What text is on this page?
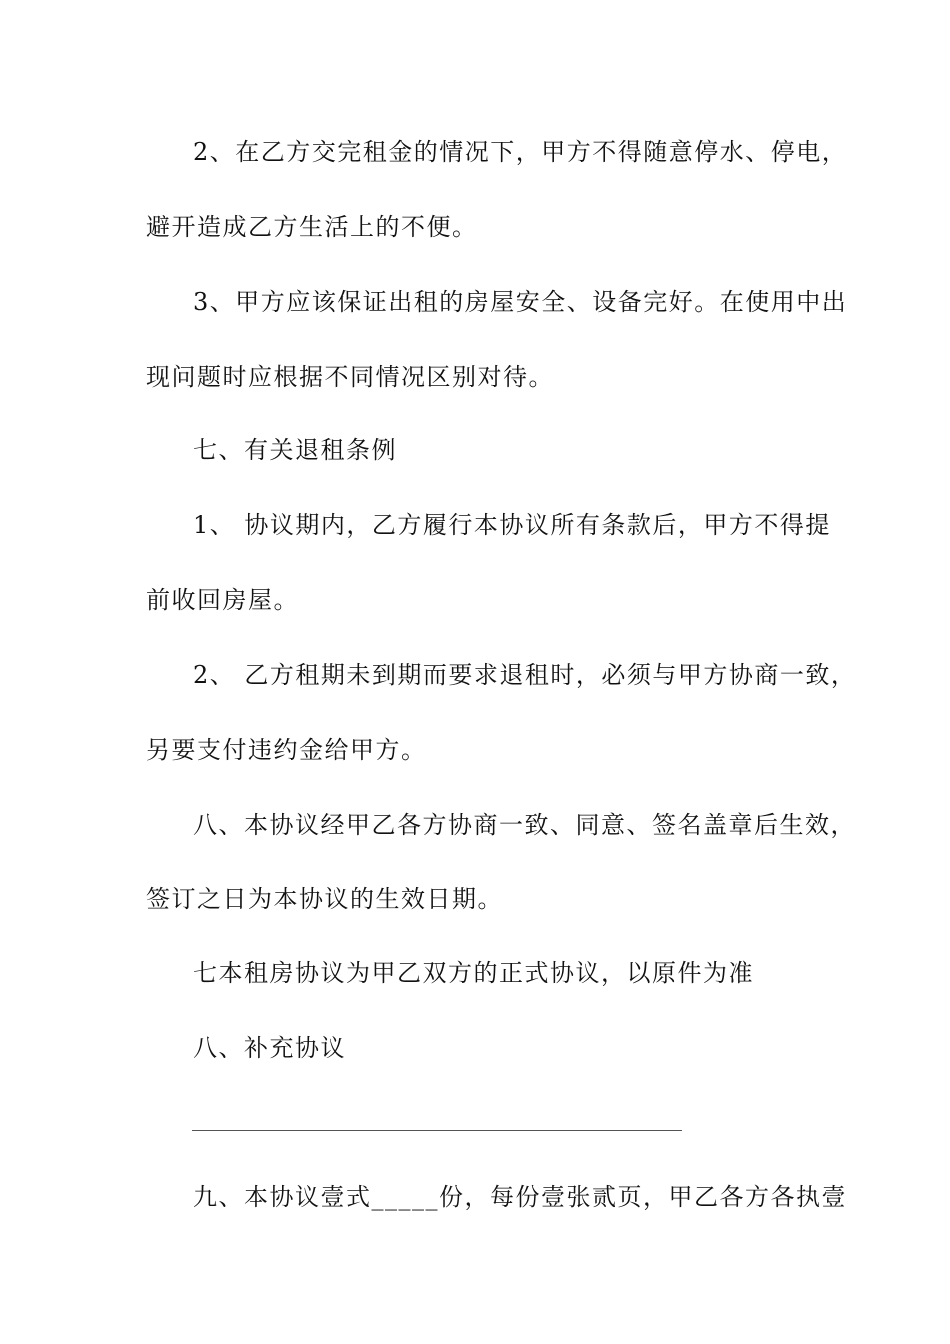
2、在乙方交完租金的情况下，甲方不得随意停水、停电，

避开造成乙方生活上的不便。

3、甲方应该保证出租的房屋安全、设备完好。在使用中出

现问题时应根据不同情况区别对待。

七、有关退租条例

1、 协议期内，乙方履行本协议所有条款后，甲方不得提

前收回房屋。

2、 乙方租期未到期而要求退租时，必须与甲方协商一致，

另要支付违约金给甲方。

八、本协议经甲乙各方协商一致、同意、签名盖章后生效，

签订之日为本协议的生效日期。

七本租房协议为甲乙双方的正式协议，以原件为准

八、补充协议

九、本协议壹式_____份，每份壹张贰页，甲乙各方各执壹
